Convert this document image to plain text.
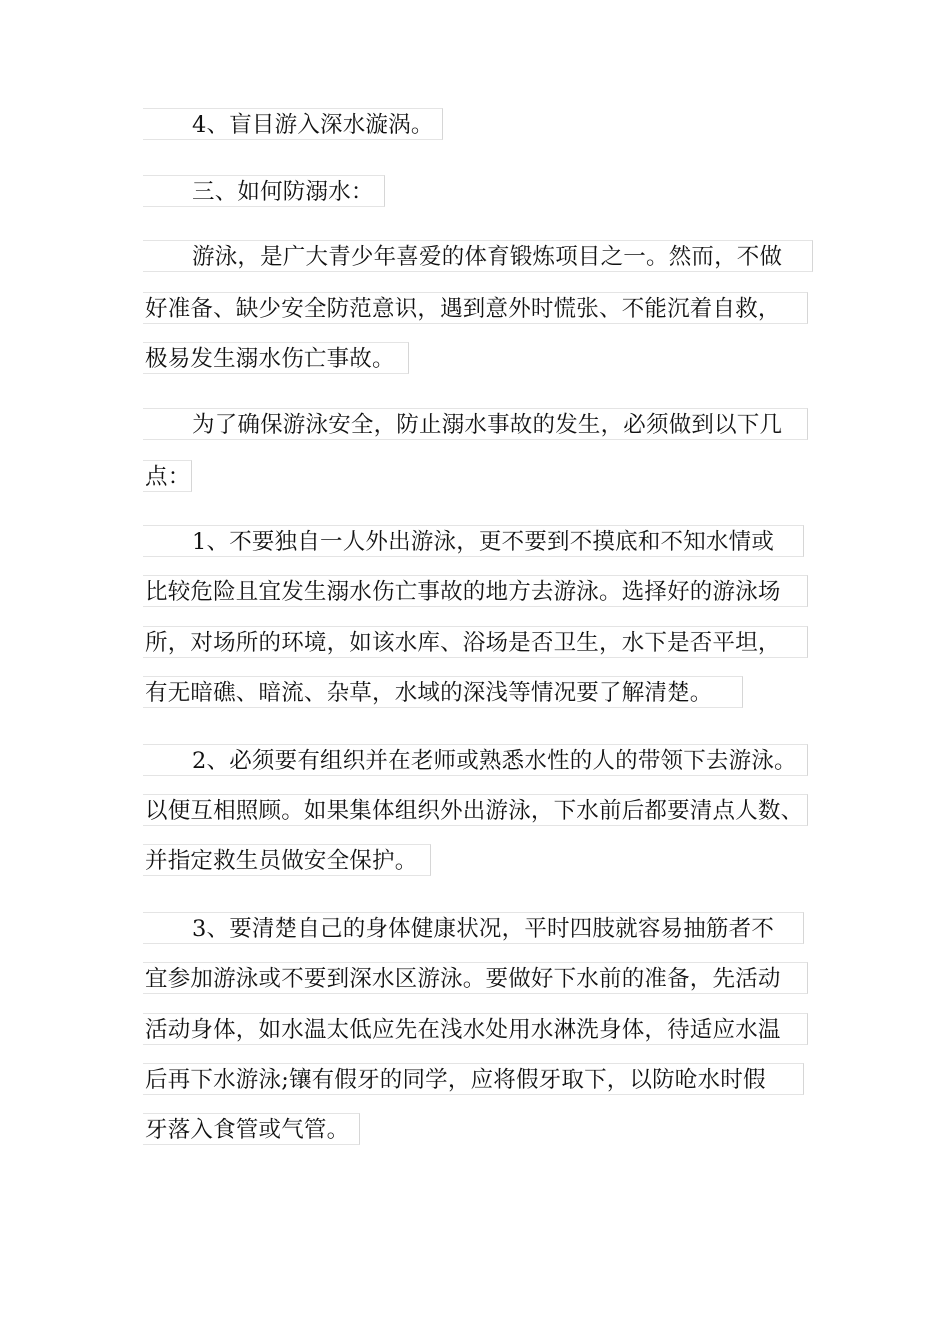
4、盲目游入深水漩涡。
三、如何防溺水：
游泳，是广大青少年喜爱的体育锻炼项目之一。然而，不做
好准备、缺少安全防范意识，遇到意外时慌张、不能沉着自救，
极易发生溺水伤亡事故。
为了确保游泳安全，防止溺水事故的发生，必须做到以下几
点：
1、不要独自一人外出游泳，更不要到不摸底和不知水情或
比较危险且宜发生溺水伤亡事故的地方去游泳。选择好的游泳场
所，对场所的环境，如该水库、浴场是否卫生，水下是否平坦，
有无暗礁、暗流、杂草，水域的深浅等情况要了解清楚。
2、必须要有组织并在老师或熟悉水性的人的带领下去游泳。
以便互相照顾。如果集体组织外出游泳，下水前后都要清点人数、
并指定救生员做安全保护。
3、要清楚自己的身体健康状况，平时四肢就容易抽筋者不
宜参加游泳或不要到深水区游泳。要做好下水前的准备，先活动
活动身体，如水温太低应先在浅水处用水淋洗身体，待适应水温
后再下水游泳;镶有假牙的同学，应将假牙取下，以防呛水时假
牙落入食管或气管。
